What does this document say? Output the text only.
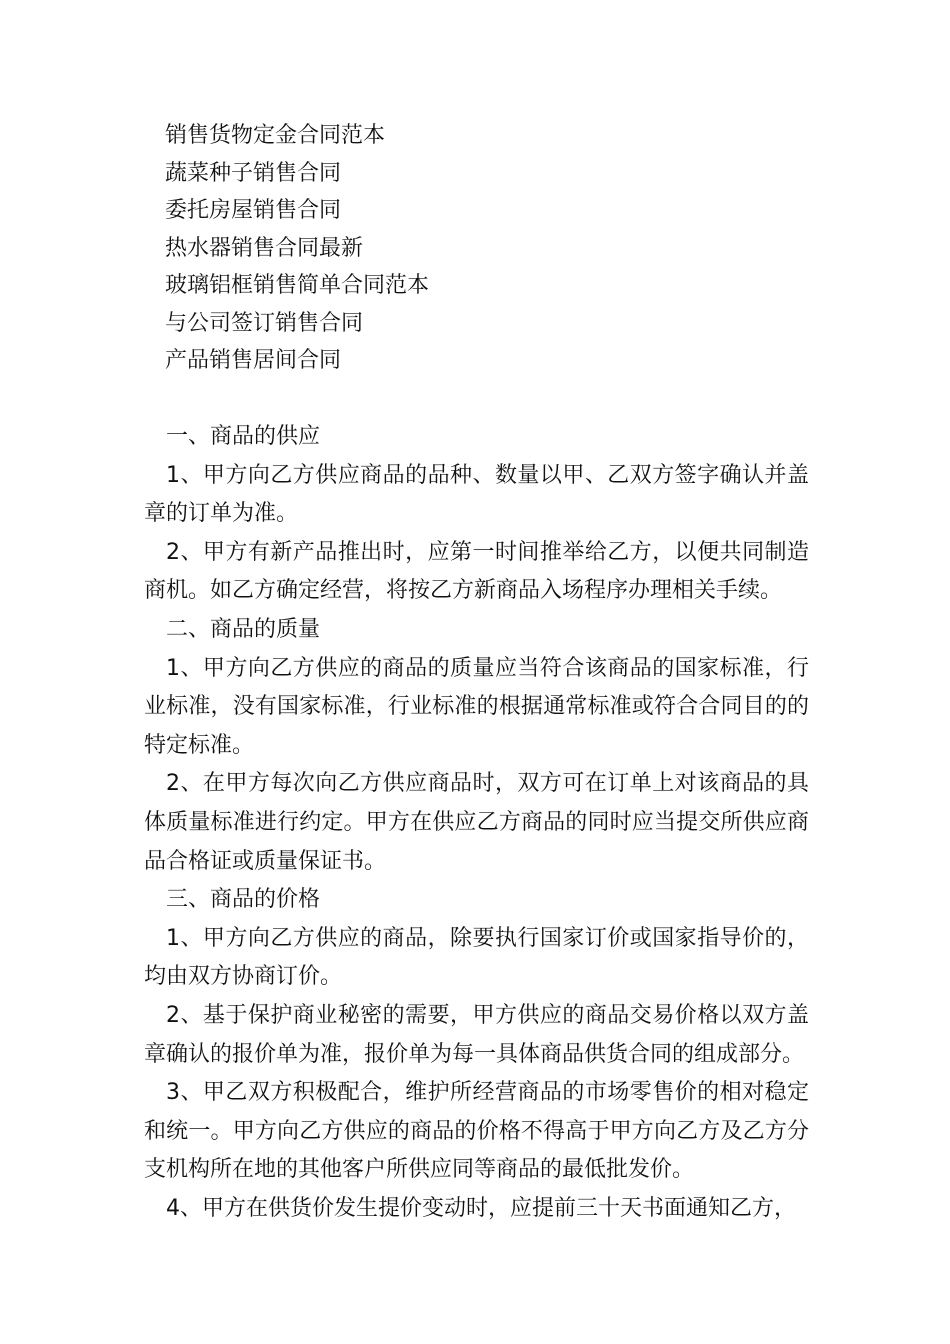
销售货物定金合同范本
蔬菜种子销售合同
委托房屋销售合同
热水器销售合同最新
玻璃铝框销售简单合同范本
与公司签订销售合同
产品销售居间合同

一、商品的供应

1、甲方向乙方供应商品的品种、数量以甲、乙双方签字确认并盖章的订单为准。

2、甲方有新产品推出时，应第一时间推举给乙方，以便共同制造商机。如乙方确定经营，将按乙方新商品入场程序办理相关手续。

二、商品的质量

1、甲方向乙方供应的商品的质量应当符合该商品的国家标准，行业标准，没有国家标准，行业标准的根据通常标准或符合合同目的的特定标准。

2、在甲方每次向乙方供应商品时，双方可在订单上对该商品的具体质量标准进行约定。甲方在供应乙方商品的同时应当提交所供应商品合格证或质量保证书。

三、商品的价格

1、甲方向乙方供应的商品，除要执行国家订价或国家指导价的，均由双方协商订价。

2、基于保护商业秘密的需要，甲方供应的商品交易价格以双方盖章确认的报价单为准，报价单为每一具体商品供货合同的组成部分。

3、甲乙双方积极配合，维护所经营商品的市场零售价的相对稳定和统一。甲方向乙方供应的商品的价格不得高于甲方向乙方及乙方分支机构所在地的其他客户所供应同等商品的最低批发价。

4、甲方在供货价发生提价变动时，应提前三十天书面通知乙方，
